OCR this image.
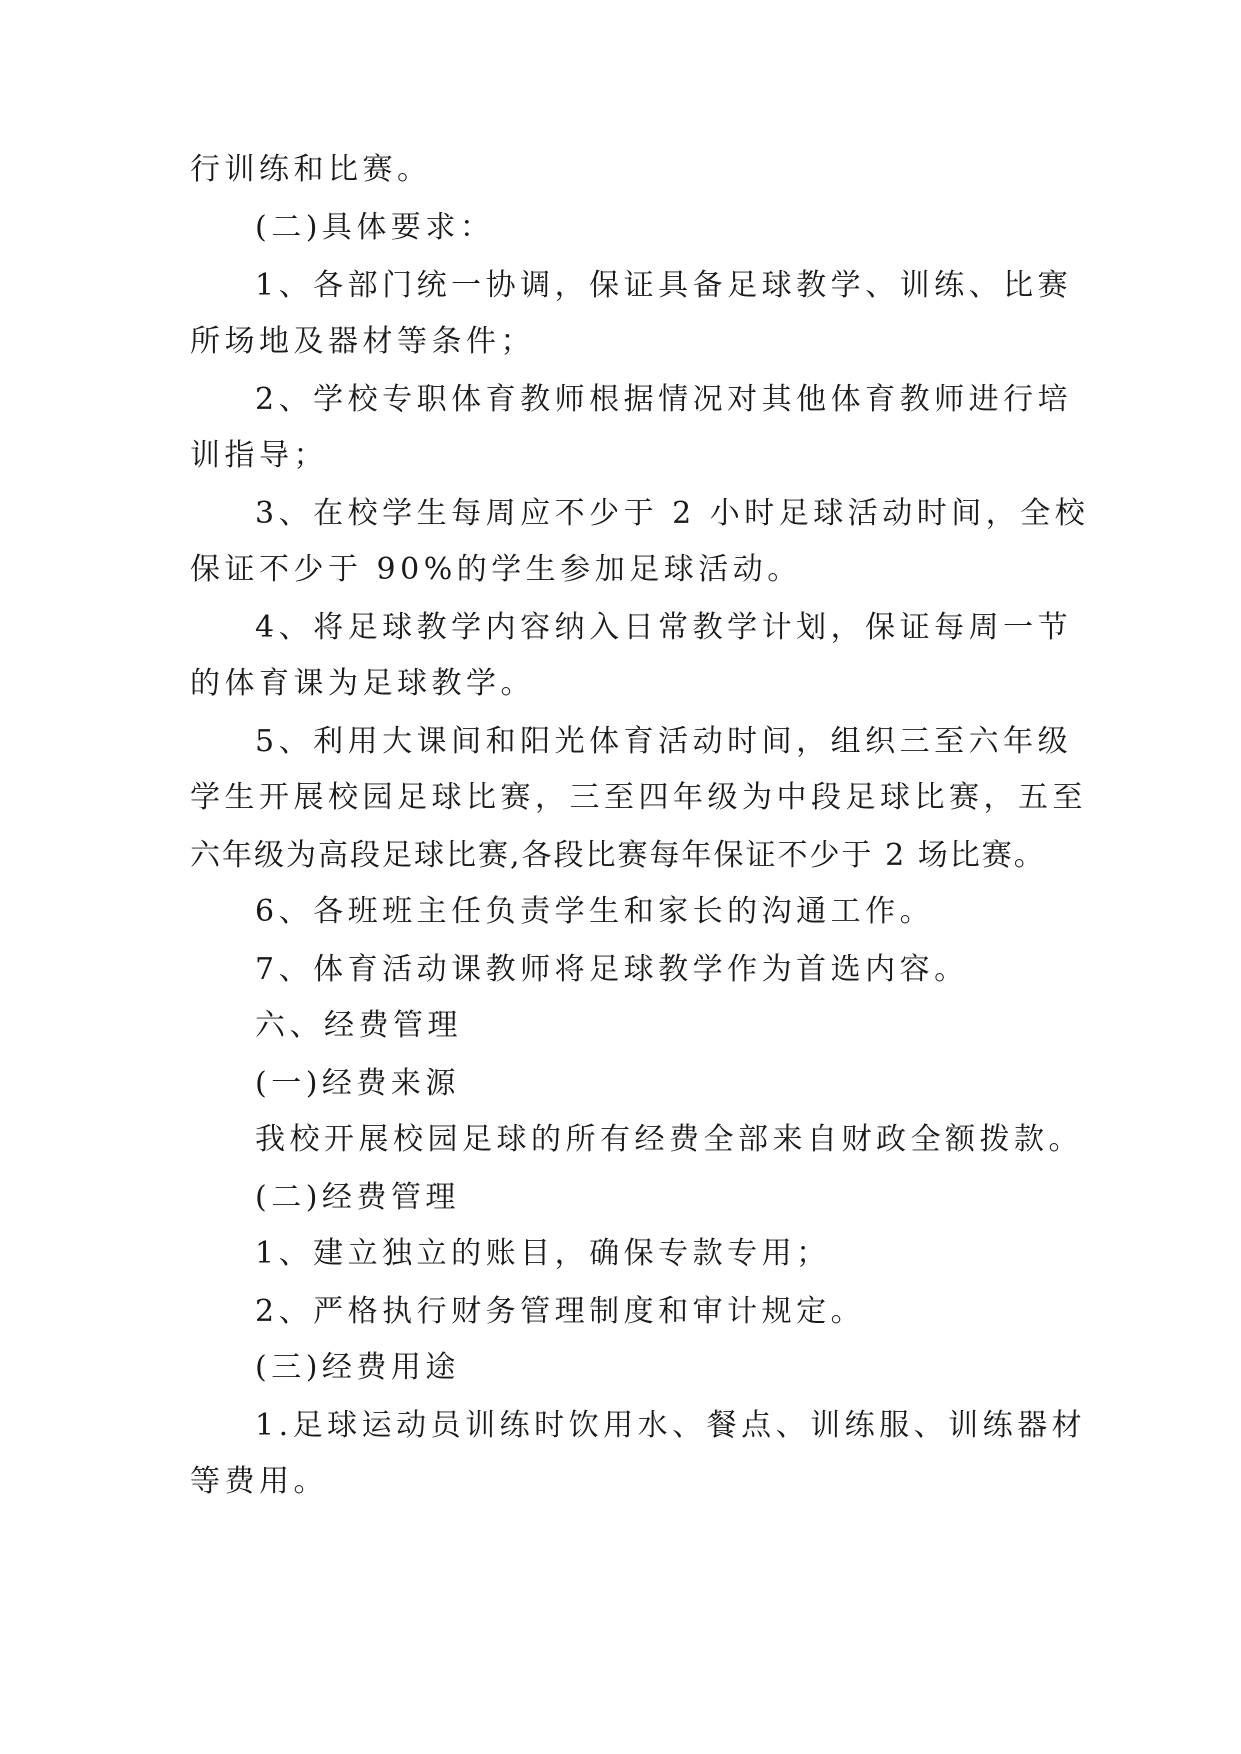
行训练和比赛。
(二)具体要求：
1、各部门统一协调，保证具备足球教学、训练、比赛
所场地及器材等条件；
2、学校专职体育教师根据情况对其他体育教师进行培
训指导；
3、在校学生每周应不少于 2 小时足球活动时间，全校
保证不少于 90%的学生参加足球活动。
4、将足球教学内容纳入日常教学计划，保证每周一节
的体育课为足球教学。
5、利用大课间和阳光体育活动时间，组织三至六年级
学生开展校园足球比赛，三至四年级为中段足球比赛，五至
六年级为高段足球比赛,各段比赛每年保证不少于 2 场比赛。
6、各班班主任负责学生和家长的沟通工作。
7、体育活动课教师将足球教学作为首选内容。
六、经费管理
(一)经费来源
我校开展校园足球的所有经费全部来自财政全额拨款。
(二)经费管理
1、建立独立的账目，确保专款专用；
2、严格执行财务管理制度和审计规定。
(三)经费用途
1.足球运动员训练时饮用水、餐点、训练服、训练器材
等费用。
